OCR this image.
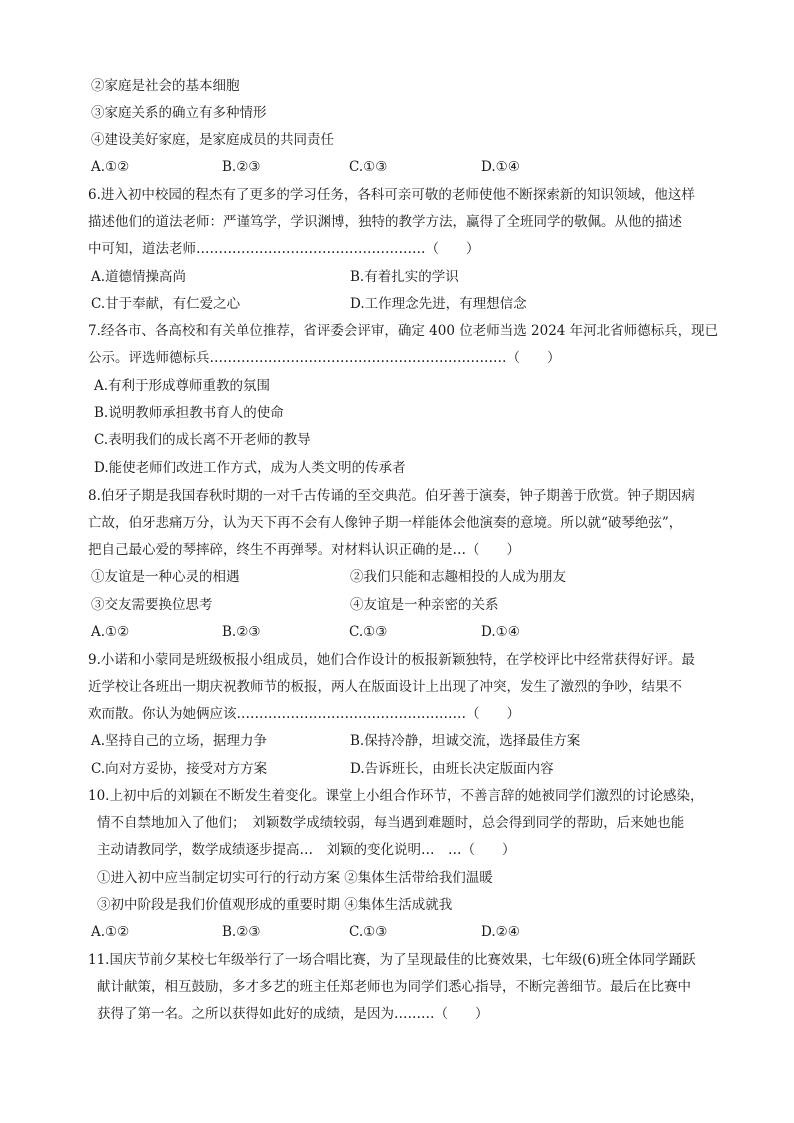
②家庭是社会的基本细胞
③家庭关系的确立有多种情形
④建设美好家庭，是家庭成员的共同责任
A.①②	B.②③	C.①③	D.①④
6.进入初中校园的程杰有了更多的学习任务，各科可亲可敬的老师使他不断探索新的知识领域，他这样
描述他们的道法老师：严谨笃学，学识渊博，独特的教学方法，赢得了全班同学的敬佩。从他的描述
中可知，道法老师……………………………………………（　　）
A.道德情操高尚	B.有着扎实的学识
C.甘于奉献，有仁爱之心	D.工作理念先进，有理想信念
7.经各市、各高校和有关单位推荐，省评委会评审，确定 400 位老师当选 2024 年河北省师德标兵，现已
公示。评选师德标兵…………………………………………………………（　　）
A.有利于形成尊师重教的氛围
B.说明教师承担教书育人的使命
C.表明我们的成长离不开老师的教导
D.能使老师们改进工作方式，成为人类文明的传承者
8.伯牙子期是我国春秋时期的一对千古传诵的至交典范。伯牙善于演奏，钟子期善于欣赏。钟子期因病
亡故，伯牙悲痛万分，认为天下再不会有人像钟子期一样能体会他演奏的意境。所以就“破琴绝弦”，
把自己最心爱的琴摔碎，终生不再弹琴。对材料认识正确的是…（　　）
①友谊是一种心灵的相遇	②我们只能和志趣相投的人成为朋友
③交友需要换位思考	④友谊是一种亲密的关系
A.①②	B.②③	C.①③	D.①④
9.小诺和小蒙同是班级板报小组成员，她们合作设计的板报新颖独特，在学校评比中经常获得好评。最
近学校让各班出一期庆祝教师节的板报，两人在版面设计上出现了冲突，发生了激烈的争吵，结果不
欢而散。你认为她俩应该……………………………………………（　　）
A.坚持自己的立场，据理力争	B.保持冷静，坦诚交流，选择最佳方案
C.向对方妥协，接受对方方案	D.告诉班长，由班长决定版面内容
10.上初中后的刘颖在不断发生着变化。课堂上小组合作环节，不善言辞的她被同学们激烈的讨论感染，
情不自禁地加入了他们；　刘颖数学成绩较弱，每当遇到难题时，总会得到同学的帮助，后来她也能
主动请教同学，数学成绩逐步提高…　刘颖的变化说明…　…（　　）
①进入初中应当制定切实可行的行动方案 ②集体生活带给我们温暖
③初中阶段是我们价值观形成的重要时期 ④集体生活成就我
A.①②	B.②③	C.①③	D.②④
11.国庆节前夕某校七年级举行了一场合唱比赛，为了呈现最佳的比赛效果，七年级(6)班全体同学踊跃
献计献策，相互鼓励，多才多艺的班主任郑老师也为同学们悉心指导，不断完善细节。最后在比赛中
获得了第一名。之所以获得如此好的成绩，是因为………（　　）
